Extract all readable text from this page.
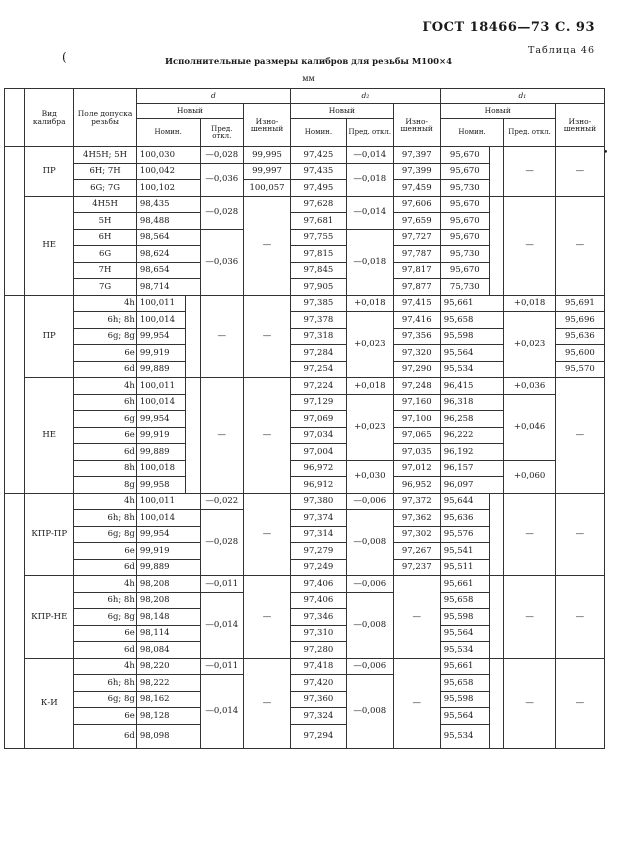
ГОСТ 18466—73 С. 93
Таблица 46
Исполнительные размеры калибров для резьбы M100×4
мм
(
•
	Вид калибра	Поле допуска резьбы	d				d₂			d₁			
			Новый			Изно-шенный	Новый		Изно-шенный	Новый			Изно-шенный
			Номин.		Пред. откл.		Номин.	Пред. откл.		Номин.		Пред. откл.	
	ПР	4H5H; 5H	100,030		—0,028	99,995	97,425	—0,014	97,397	95,670		—	—
		6H; 7H	100,042		—0,036	99,997	97,435	—0,018	97,399	95,670			
		6G; 7G	100,102			100,057	97,495		97,459	95,730			
	НЕ	4H5H	98,435		—0,028	—	97,628	—0,014	97,606	95,670		—	—
		5H	98,488				97,681		97,659	95,670			
		6H	98,564		—0,036		97,755	—0,018	97,727	95,670			
		6G	98,624				97,815		97,787	95,730			
		7H	98,654				97,845		97,817	95,670			
		7G	98,714				97,905		97,877	75,730			
	ПР	4h	100,011		—	—	97,385	+0,018	97,415	95,661		+0,018	95,691
		6h; 8h	100,014				97,378	+0,023	97,416	95,658		+0,023	95,696
		6g; 8g	99,954				97,318		97,356	95,598			95,636
		6e	99,919				97,284		97,320	95,564			95,600
		6d	99,889				97,254		97,290	95,534			95,570
	НЕ	4h	100,011		—	—	97,224	+0,018	97,248	96,415		+0,036	—
		6h	100,014				97,129	+0,023	97,160	96,318		+0,046	
		6g	99,954				97,069		97,100	96,258			
		6e	99,919				97,034		97,065	96,222			
		6d	99,889				97,004		97,035	96,192			
		8h	100,018				96,972	+0,030	97,012	96,157		+0,060	
		8g	99,958				96,912		96,952	96,097			
	КПР-ПР	4h	100,011		—0,022	—	97,380	—0,006	97,372	95,644		—	—
		6h; 8h	100,014		—0,028		97,374	—0,008	97,362	95,636			
		6g; 8g	99,954				97,314		97,302	95,576			
		6e	99,919				97,279		97,267	95,541			
		6d	99,889				97,249		97,237	95,511			
	КПР-НЕ	4h	98,208		—0,011	—	97,406	—0,006	—	95,661		—	—
		6h; 8h	98,208		—0,014		97,406	—0,008		95,658			
		6g; 8g	98,148				97,346			95,598			
		6e	98,114				97,310			95,564			
		6d	98,084				97,280			95,534			
	К-И	4h	98,220		—0,011	—	97,418	—0,006	—	95,661		—	—
		6h; 8h	98,222		—0,014		97,420	—0,008		95,658			
		6g; 8g	98,162				97,360			95,598			
		6e	98,128				97,324			95,564			
		6d	98,098				97,294			95,534			
